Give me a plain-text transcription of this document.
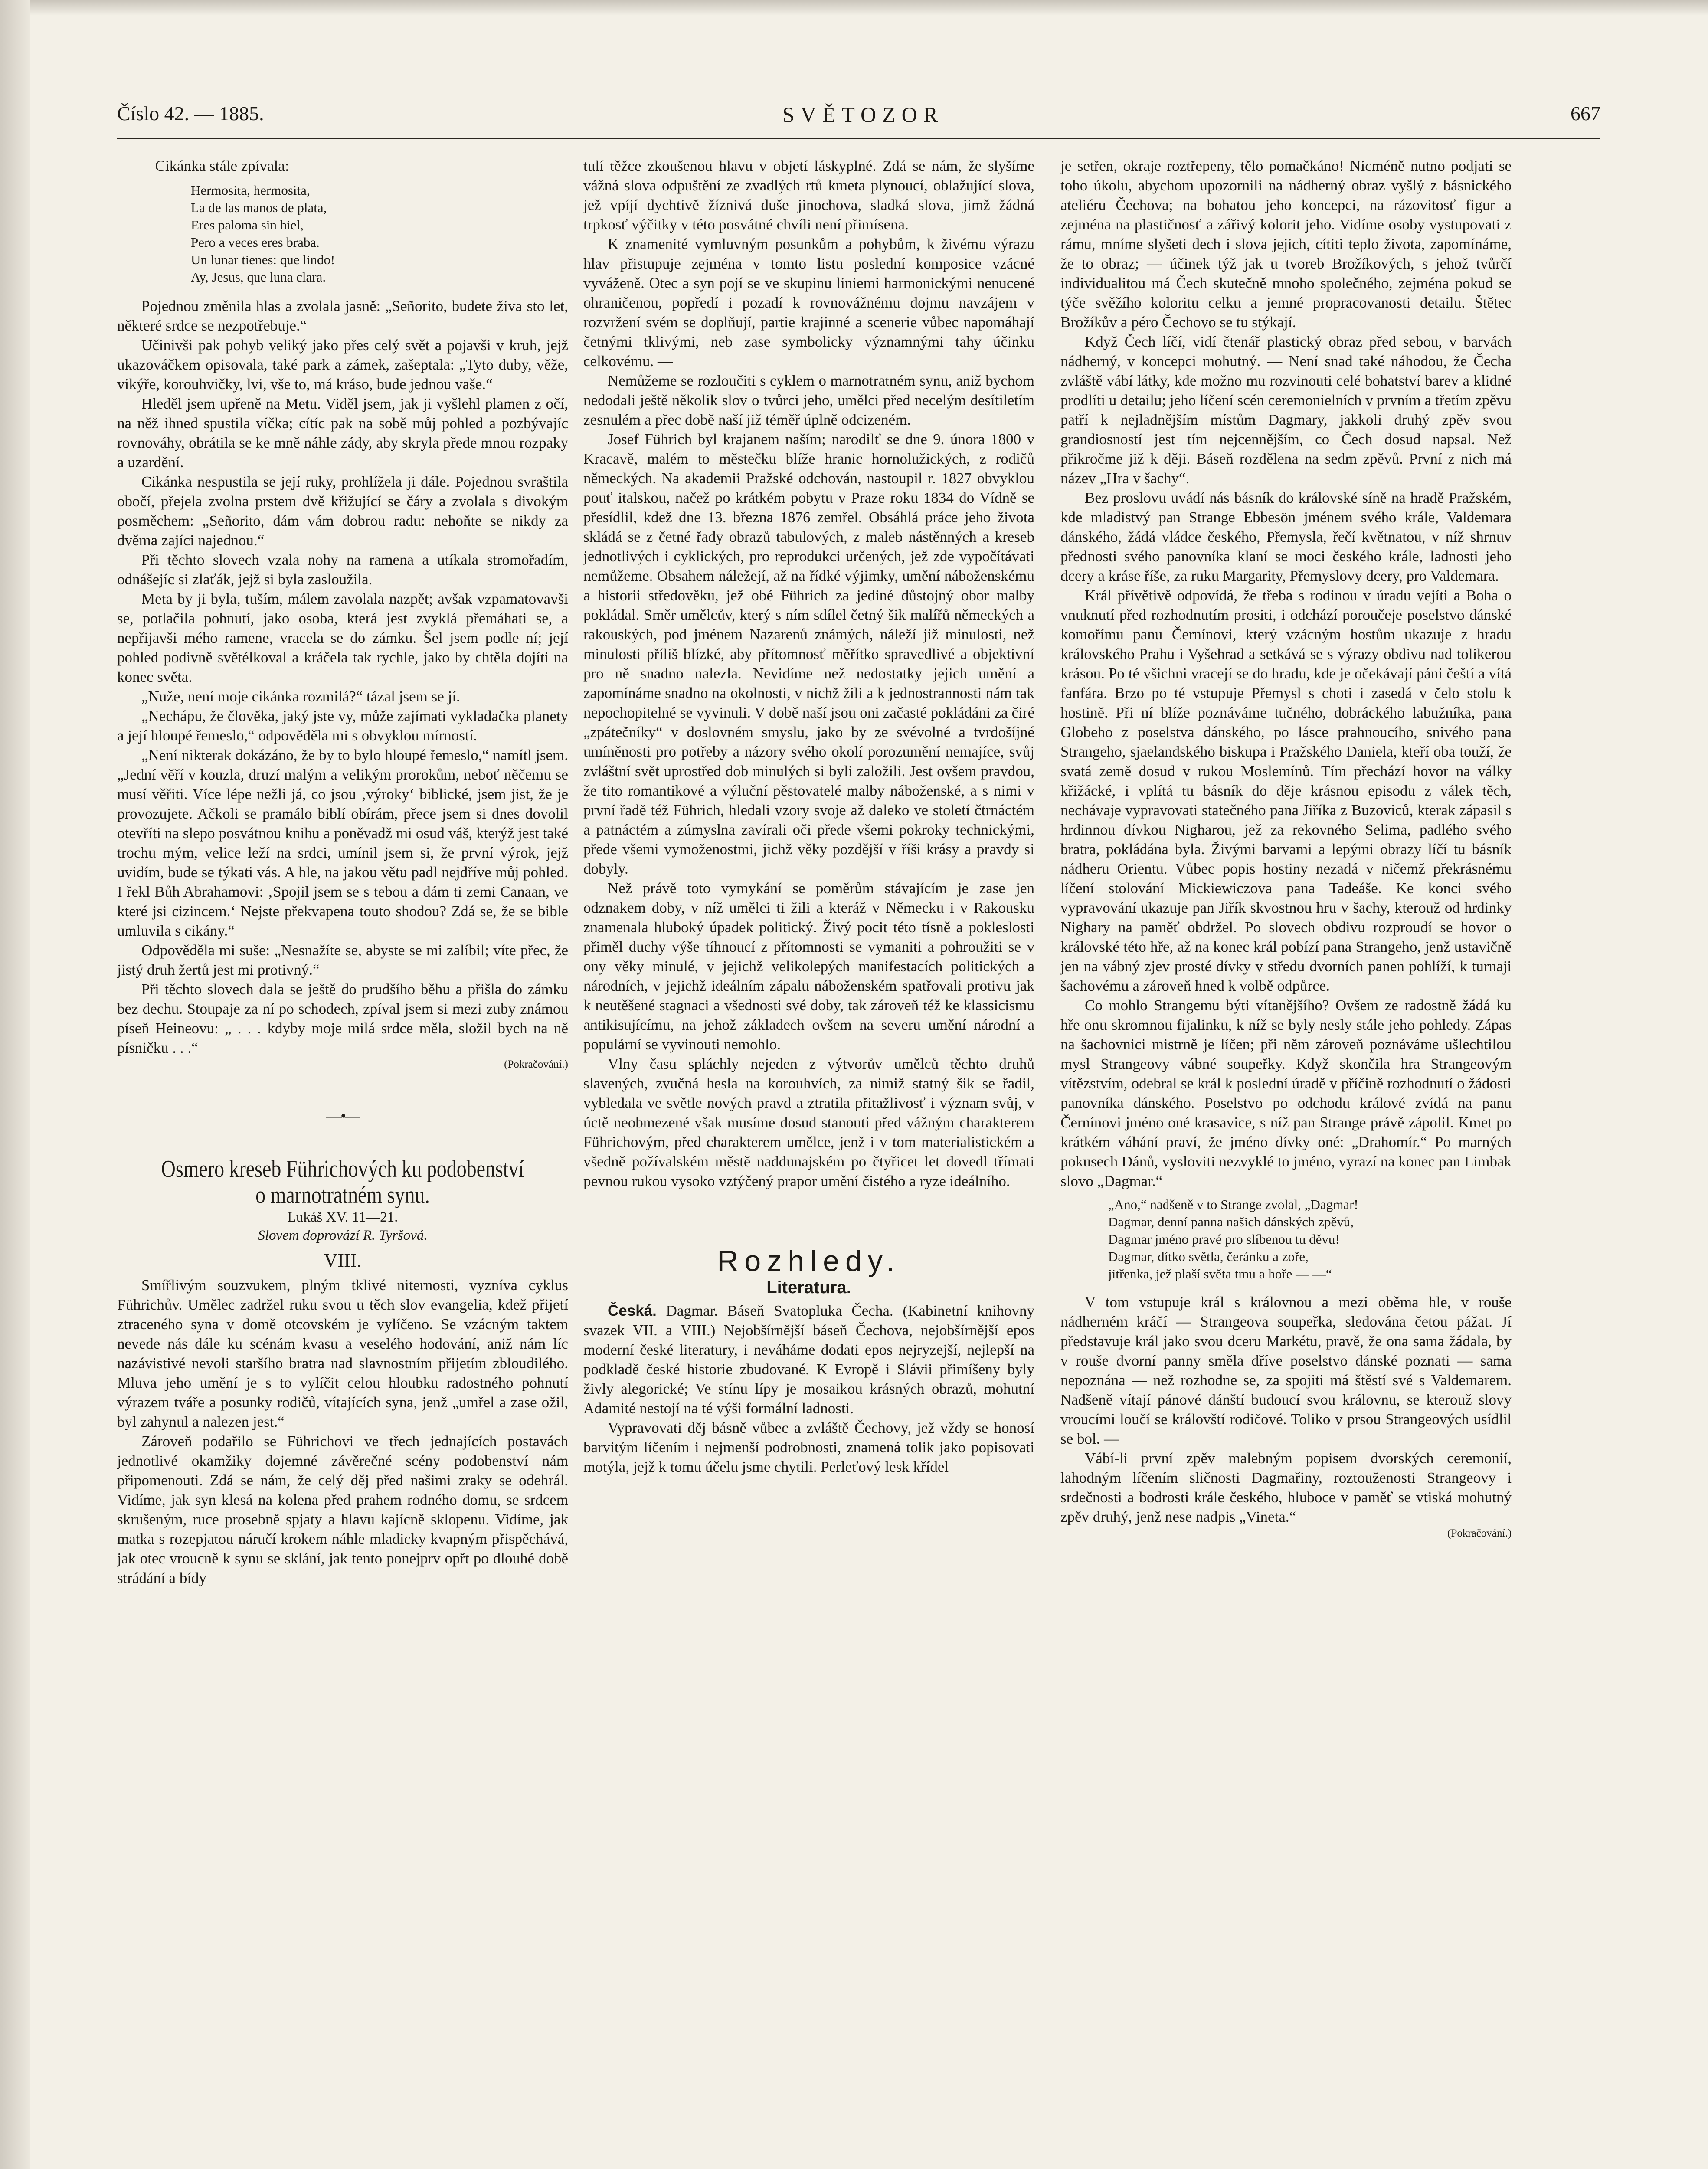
Číslo 42. — 1885.	SVĚTOZOR	667

Cikánka stále zpívala:

Hermosita, hermosita,
La de las manos de plata,
Eres paloma sin hiel,
Pero a veces eres braba.
Un lunar tienes: que lindo!
Ay, Jesus, que luna clara.

Pojednou změnila hlas a zvolala jasně: „Señorito, budete živa sto let, některé srdce se nezpotřebuje.“

Učinivši pak pohyb veliký jako přes celý svět a pojavši v kruh, jejž ukazováčkem opisovala, také park a zámek, zašeptala: „Tyto duby, věže, vikýře, korouhvičky, lvi, vše to, má kráso, bude jednou vaše.“

Hleděl jsem upřeně na Metu. Viděl jsem, jak ji vyšlehl plamen z očí, na něž ihned spustila víčka; cítíc pak na sobě můj pohled a pozbývajíc rovnováhy, obrátila se ke mně náhle zády, aby skryla přede mnou rozpaky a uzardění.

Cikánka nespustila se její ruky, prohlížela ji dále. Pojednou svraštila obočí, přejela zvolna prstem dvě křižující se čáry a zvolala s divokým posměchem: „Señorito, dám vám dobrou radu: nehoňte se nikdy za dvěma zajíci najednou.“

Při těchto slovech vzala nohy na ramena a utíkala stromořadím, odnášejíc si zlaťák, jejž si byla zasloužila.

Meta by ji byla, tuším, málem zavolala nazpět; avšak vzpamatovavši se, potlačila pohnutí, jako osoba, která jest zvyklá přemáhati se, a nepřijavši mého ramene, vracela se do zámku. Šel jsem podle ní; její pohled podivně světélkoval a kráčela tak rychle, jako by chtěla dojíti na konec světa.

„Nuže, není moje cikánka rozmilá?“ tázal jsem se jí.

„Nechápu, že člověka, jaký jste vy, může zajímati vykladačka planety a její hloupé řemeslo,“ odpověděla mi s obvyklou mírností.

„Není nikterak dokázáno, že by to bylo hloupé řemeslo,“ namítl jsem. „Jední věří v kouzla, druzí malým a velikým prorokům, neboť něčemu se musí věřiti. Více lépe nežli já, co jsou ‚výroky‘ biblické, jsem jist, že je provozujete. Ačkoli se pramálo biblí obírám, přece jsem si dnes dovolil otevříti na slepo posvátnou knihu a poněvadž mi osud váš, kterýž jest také trochu mým, velice leží na srdci, umínil jsem si, že první výrok, jejž uvidím, bude se týkati vás. A hle, na jakou větu padl nejdříve můj pohled. I řekl Bůh Abrahamovi: ‚Spojil jsem se s tebou a dám ti zemi Canaan, ve které jsi cizincem.‘ Nejste překvapena touto shodou? Zdá se, že se bible umluvila s cikány.“

Odpověděla mi suše: „Nesnažíte se, abyste se mi zalíbil; víte přec, že jistý druh žertů jest mi protivný.“

Při těchto slovech dala se ještě do prudšího běhu a přišla do zámku bez dechu. Stoupaje za ní po schodech, zpíval jsem si mezi zuby známou píseň Heineovu: „ . . . kdyby moje milá srdce měla, složil bych na ně písničku . . .“

(Pokračování.)
—•—
Osmero kreseb Führichových ku podobenství
o marnotratném synu.
Lukáš XV. 11—21.
Slovem doprovází R. Tyršová.
VIII.

Smířlivým souzvukem, plným tklivé niternosti, vyzníva cyklus Führichův. Umělec zadržel ruku svou u těch slov evangelia, kdež přijetí ztraceného syna v domě otcovském je vylíčeno. Se vzácným taktem nevede nás dále ku scénám kvasu a veselého hodování, aniž nám líc nazávistivé nevoli staršího bratra nad slavnostním přijetím zbloudilého. Mluva jeho umění je s to vylíčit celou hloubku radostného pohnutí výrazem tváře a posunky rodičů, vítajících syna, jenž „umřel a zase ožil, byl zahynul a nalezen jest.“

Zároveň podařilo se Führichovi ve třech jednajících postavách jednotlivé okamžiky dojemné závěrečné scény podobenství nám připomenouti. Zdá se nám, že celý děj před našimi zraky se odehrál. Vidíme, jak syn klesá na kolena před prahem rodného domu, se srdcem skrušeným, ruce prosebně spjaty a hlavu kajícně sklopenu. Vidíme, jak matka s rozepjatou náručí krokem náhle mladicky kvapným přispěchává, jak otec vroucně k synu se sklání, jak tento ponejprv opřt po dlouhé době strádání a bídy

tulí těžce zkoušenou hlavu v objetí láskyplné. Zdá se nám, že slyšíme vážná slova odpuštění ze zvadlých rtů kmeta plynoucí, oblažující slova, jež vpíjí dychtivě žíznivá duše jinochova, sladká slova, jimž žádná trpkosť výčitky v této posvátné chvíli není přimísena.

K znamenité vymluvným posunkům a pohybům, k živému výrazu hlav přistupuje zejména v tomto listu poslední komposice vzácné vyváženě. Otec a syn pojí se ve skupinu liniemi harmonickými nenucené ohraničenou, popředí i pozadí k rovnovážnému dojmu navzájem v rozvržení svém se doplňují, partie krajinné a scenerie vůbec napomáhají četnými tklivými, neb zase symbolicky významnými tahy účinku celkovému. —

Nemůžeme se rozloučiti s cyklem o marnotratném synu, aniž bychom nedodali ještě několik slov o tvůrci jeho, umělci před necelým desítiletím zesnulém a přec době naší již téměř úplně odcizeném.

Josef Führich byl krajanem naším; narodilť se dne 9. února 1800 v Kracavě, malém to městečku blíže hranic hornolužických, z rodičů německých. Na akademii Pražské odchován, nastoupil r. 1827 obvyklou pouť italskou, načež po krátkém pobytu v Praze roku 1834 do Vídně se přesídlil, kdež dne 13. března 1876 zemřel. Obsáhlá práce jeho života skládá se z četné řady obrazů tabulových, z maleb nástěnných a kreseb jednotlivých i cyklických, pro reprodukci určených, jež zde vypočítávati nemůžeme. Obsahem náležejí, až na řídké výjimky, umění náboženskému a historii středověku, jež obé Führich za jediné důstojný obor malby pokládal. Směr umělcův, který s ním sdílel četný šik malířů německých a rakouských, pod jménem Nazarenů známých, náleží již minulosti, než minulosti příliš blízké, aby přítomnosť měřítko spravedlivé a objektivní pro ně snadno nalezla. Nevidíme než nedostatky jejich umění a zapomínáme snadno na okolnosti, v nichž žili a k jednostrannosti nám tak nepochopitelné se vyvinuli. V době naší jsou oni začasté pokládáni za čiré „zpátečníky“ v doslovném smyslu, jako by ze svévolné a tvrdošíjné umíněnosti pro potřeby a názory svého okolí porozumění nemajíce, svůj zvláštní svět uprostřed dob minulých si byli založili. Jest ovšem pravdou, že tito romantikové a výluční pěstovatelé malby náboženské, a s nimi v první řadě též Führich, hledali vzory svoje až daleko ve století čtrnáctém a patnáctém a zúmyslna zavírali oči přede všemi pokroky technickými, přede všemi vymoženostmi, jichž věky pozdější v říši krásy a pravdy si dobyly.

Než právě toto vymykání se poměrům stávajícím je zase jen odznakem doby, v níž umělci ti žili a kteráž v Německu i v Rakousku znamenala hluboký úpadek politický. Živý pocit této tísně a pokleslosti přiměl duchy výše tíhnoucí z přítomnosti se vymaniti a pohroužiti se v ony věky minulé, v jejichž velikolepých manifestacích politických a národních, v jejichž ideálním zápalu náboženském spatřovali protivu jak k neutěšené stagnaci a všednosti své doby, tak zároveň též ke klassicismu antikisujícímu, na jehož základech ovšem na severu umění národní a populární se vyvinouti nemohlo.

Vlny času spláchly nejeden z výtvorův umělců těchto druhů slavených, zvučná hesla na korouhvích, za nimiž statný šik se řadil, vybledala ve světle nových pravd a ztratila přitažlivosť i význam svůj, v úctě neobmezené však musíme dosud stanouti před vážným charakterem Führichovým, před charakterem umělce, jenž i v tom materialistickém a všedně požívalském městě naddunajském po čtyřicet let dovedl třímati pevnou rukou vysoko vztýčený prapor umění čistého a ryze ideálního.

Rozhledy.
Literatura.

Česká. Dagmar. Báseň Svatopluka Čecha. (Kabinetní knihovny svazek VII. a VIII.) Nejobšírnější báseň Čechova, nejobšírnější epos moderní české literatury, i neváháme dodati epos nejryzejší, nejlepší na podkladě české historie zbudované. K Evropě i Slávii přimíšeny byly živly alegorické; Ve stínu lípy je mosaikou krásných obrazů, mohutní Adamité nestojí na té výši formální ladnosti.

Vypravovati děj básně vůbec a zvláště Čechovy, jež vždy se honosí barvitým líčením i nejmenší podrobnosti, znamená tolik jako popisovati motýla, jejž k tomu účelu jsme chytili. Perleťový lesk křídel

je setřen, okraje roztřepeny, tělo pomačkáno! Nicméně nutno podjati se toho úkolu, abychom upozornili na nádherný obraz vyšlý z básnického ateliéru Čechova; na bohatou jeho koncepci, na rázovitosť figur a zejména na plastičnosť a zářivý kolorit jeho. Vidíme osoby vystupovati z rámu, mníme slyšeti dech i slova jejich, cítiti teplo života, zapomínáme, že to obraz; — účinek týž jak u tvoreb Brožíkových, s jehož tvůrčí individualitou má Čech skutečně mnoho společného, zejména pokud se týče svěžího koloritu celku a jemné propracovanosti detailu. Štětec Brožíkův a péro Čechovo se tu stýkají.

Když Čech líčí, vidí čtenář plastický obraz před sebou, v barvách nádherný, v koncepci mohutný. — Není snad také náhodou, že Čecha zvláště vábí látky, kde možno mu rozvinouti celé bohatství barev a klidné prodlíti u detailu; jeho líčení scén ceremonielních v prvním a třetím zpěvu patří k nejladnějším místům Dagmary, jakkoli druhý zpěv svou grandiosností jest tím nejcennějším, co Čech dosud napsal. Než přikročme již k ději. Báseň rozdělena na sedm zpěvů. První z nich má název „Hra v šachy“.

Bez proslovu uvádí nás básník do královské síně na hradě Pražském, kde mladistvý pan Strange Ebbesön jménem svého krále, Valdemara dánského, žádá vládce českého, Přemysla, řečí květnatou, v níž shrnuv přednosti svého panovníka klaní se moci českého krále, ladnosti jeho dcery a kráse říše, za ruku Margarity, Přemyslovy dcery, pro Valdemara.

Král přívětivě odpovídá, že třeba s rodinou v úradu vejíti a Boha o vnuknutí před rozhodnutím prositi, i odchází poroučeje poselstvo dánské komořímu panu Černínovi, který vzácným hostům ukazuje z hradu královského Prahu i Vyšehrad a setkává se s výrazy obdivu nad tolikerou krásou. Po té všichni vracejí se do hradu, kde je očekávají páni čeští a vítá fanfára. Brzo po té vstupuje Přemysl s choti i zasedá v čelo stolu k hostině. Při ní blíže poznáváme tučného, dobráckého labužníka, pana Globeho z poselstva dánského, po lásce prahnoucího, snivého pana Strangeho, sjaelandského biskupa i Pražského Daniela, kteří oba touží, že svatá země dosud v rukou Moslemínů. Tím přechází hovor na války křižácké, i vplítá tu básník do děje krásnou episodu z válek těch, nechávaje vypravovati statečného pana Jiříka z Buzoviců, kterak zápasil s hrdinnou dívkou Nigharou, jež za rekovného Selima, padlého svého bratra, pokládána byla. Živými barvami a lepými obrazy líčí tu básník nádheru Orientu. Vůbec popis hostiny nezadá v ničemž překrásnému líčení stolování Mickiewiczova pana Tadeáše. Ke konci svého vypravování ukazuje pan Jiřík skvostnou hru v šachy, kterouž od hrdinky Nighary na paměť obdržel. Po slovech obdivu rozproudí se hovor o královské této hře, až na konec král pobízí pana Strangeho, jenž ustavičně jen na vábný zjev prosté dívky v středu dvorních panen pohlíží, k turnaji šachovému a zároveň hned k volbě odpůrce.

Co mohlo Strangemu býti vítanějšího? Ovšem ze radostně žádá ku hře onu skromnou fijalinku, k níž se byly nesly stále jeho pohledy. Zápas na šachovnici mistrně je líčen; při něm zároveň poznáváme ušlechtilou mysl Strangeovy vábné soupeřky. Když skončila hra Strangeovým vítězstvím, odebral se král k poslední úradě v příčině rozhodnutí o žádosti panovníka dánského. Poselstvo po odchodu králové zvídá na panu Černínovi jméno oné krasavice, s níž pan Strange právě zápolil. Kmet po krátkém váhání praví, že jméno dívky oné: „Drahomír.“ Po marných pokusech Dánů, vysloviti nezvyklé to jméno, vyrazí na konec pan Limbak slovo „Dagmar.“

„Ano,“ nadšeně v to Strange zvolal, „Dagmar!
Dagmar, denní panna našich dánských zpěvů,
Dagmar jméno pravé pro slíbenou tu děvu!
Dagmar, dítko světla, čeránku a zoře,
jitřenka, jež plaší světa tmu a hoře — —“

V tom vstupuje král s královnou a mezi oběma hle, v rouše nádherném kráčí — Strangeova soupeřka, sledována četou pážat. Jí představuje král jako svou dceru Markétu, pravě, že ona sama žádala, by v rouše dvorní panny směla dříve poselstvo dánské poznati — sama nepoznána — než rozhodne se, za spojiti má štěstí své s Valdemarem. Nadšeně vítají pánové dánští budoucí svou královnu, se kterouž slovy vroucími loučí se královští rodičové. Toliko v prsou Strangeových usídlil se bol. —

Vábí-li první zpěv malebným popisem dvorských ceremonií, lahodným líčením sličnosti Dagmařiny, roztouženosti Strangeovy i srdečnosti a bodrosti krále českého, hluboce v paměť se vtiská mohutný zpěv druhý, jenž nese nadpis „Vineta.“

(Pokračování.)
